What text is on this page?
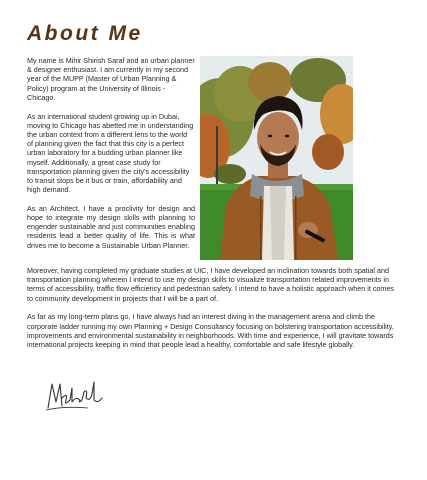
About Me

My name is Mihir Shirish Saraf and an urban planner & designer enthusiast. I am currently in my second year of the MUPP (Master of Urban Planning & Policy) program at the University of Illinois - Chicago.

As an international student growing up in Dubai, moving to Chicago has abetted me in understanding the urban context from a different lens to the world of planning given the fact that this city is a perfect urban laboratory for a budding urban planner like myself. Additionally, a great case study for transportation planning given the city's accessibility to transit stops be it bus or train, affordability and high demand.

As an Architect, I have a proclivity for design and hope to integrate my design skills with planning to engender sustainable and just communities enabling residents lead a better quality of life. This is what drives me to become a Sustainable Urban Planner.

Moreover, having completed my graduate studies at UIC, I have developed an inclination towards both spatial and transportation planning wherein I intend to use my design skills to visualize transportation related improvements in terms of accessibility, traffic flow efficiency and pedestrian safety. I intend to have a holistic approach when it comes to community development in projects that I will be a part of.

As far as my long-term plans go, I have always had an interest diving in the management arena and climb the corporate ladder running my own Planning + Design Consultancy focusing on bolstering transportation accessibility, improvements and environmental sustainability in neighborhoods. With time and experience, I will gravitate towards international projects keeping in mind that people lead a healthy, comfortable and safe lifestyle globally.
